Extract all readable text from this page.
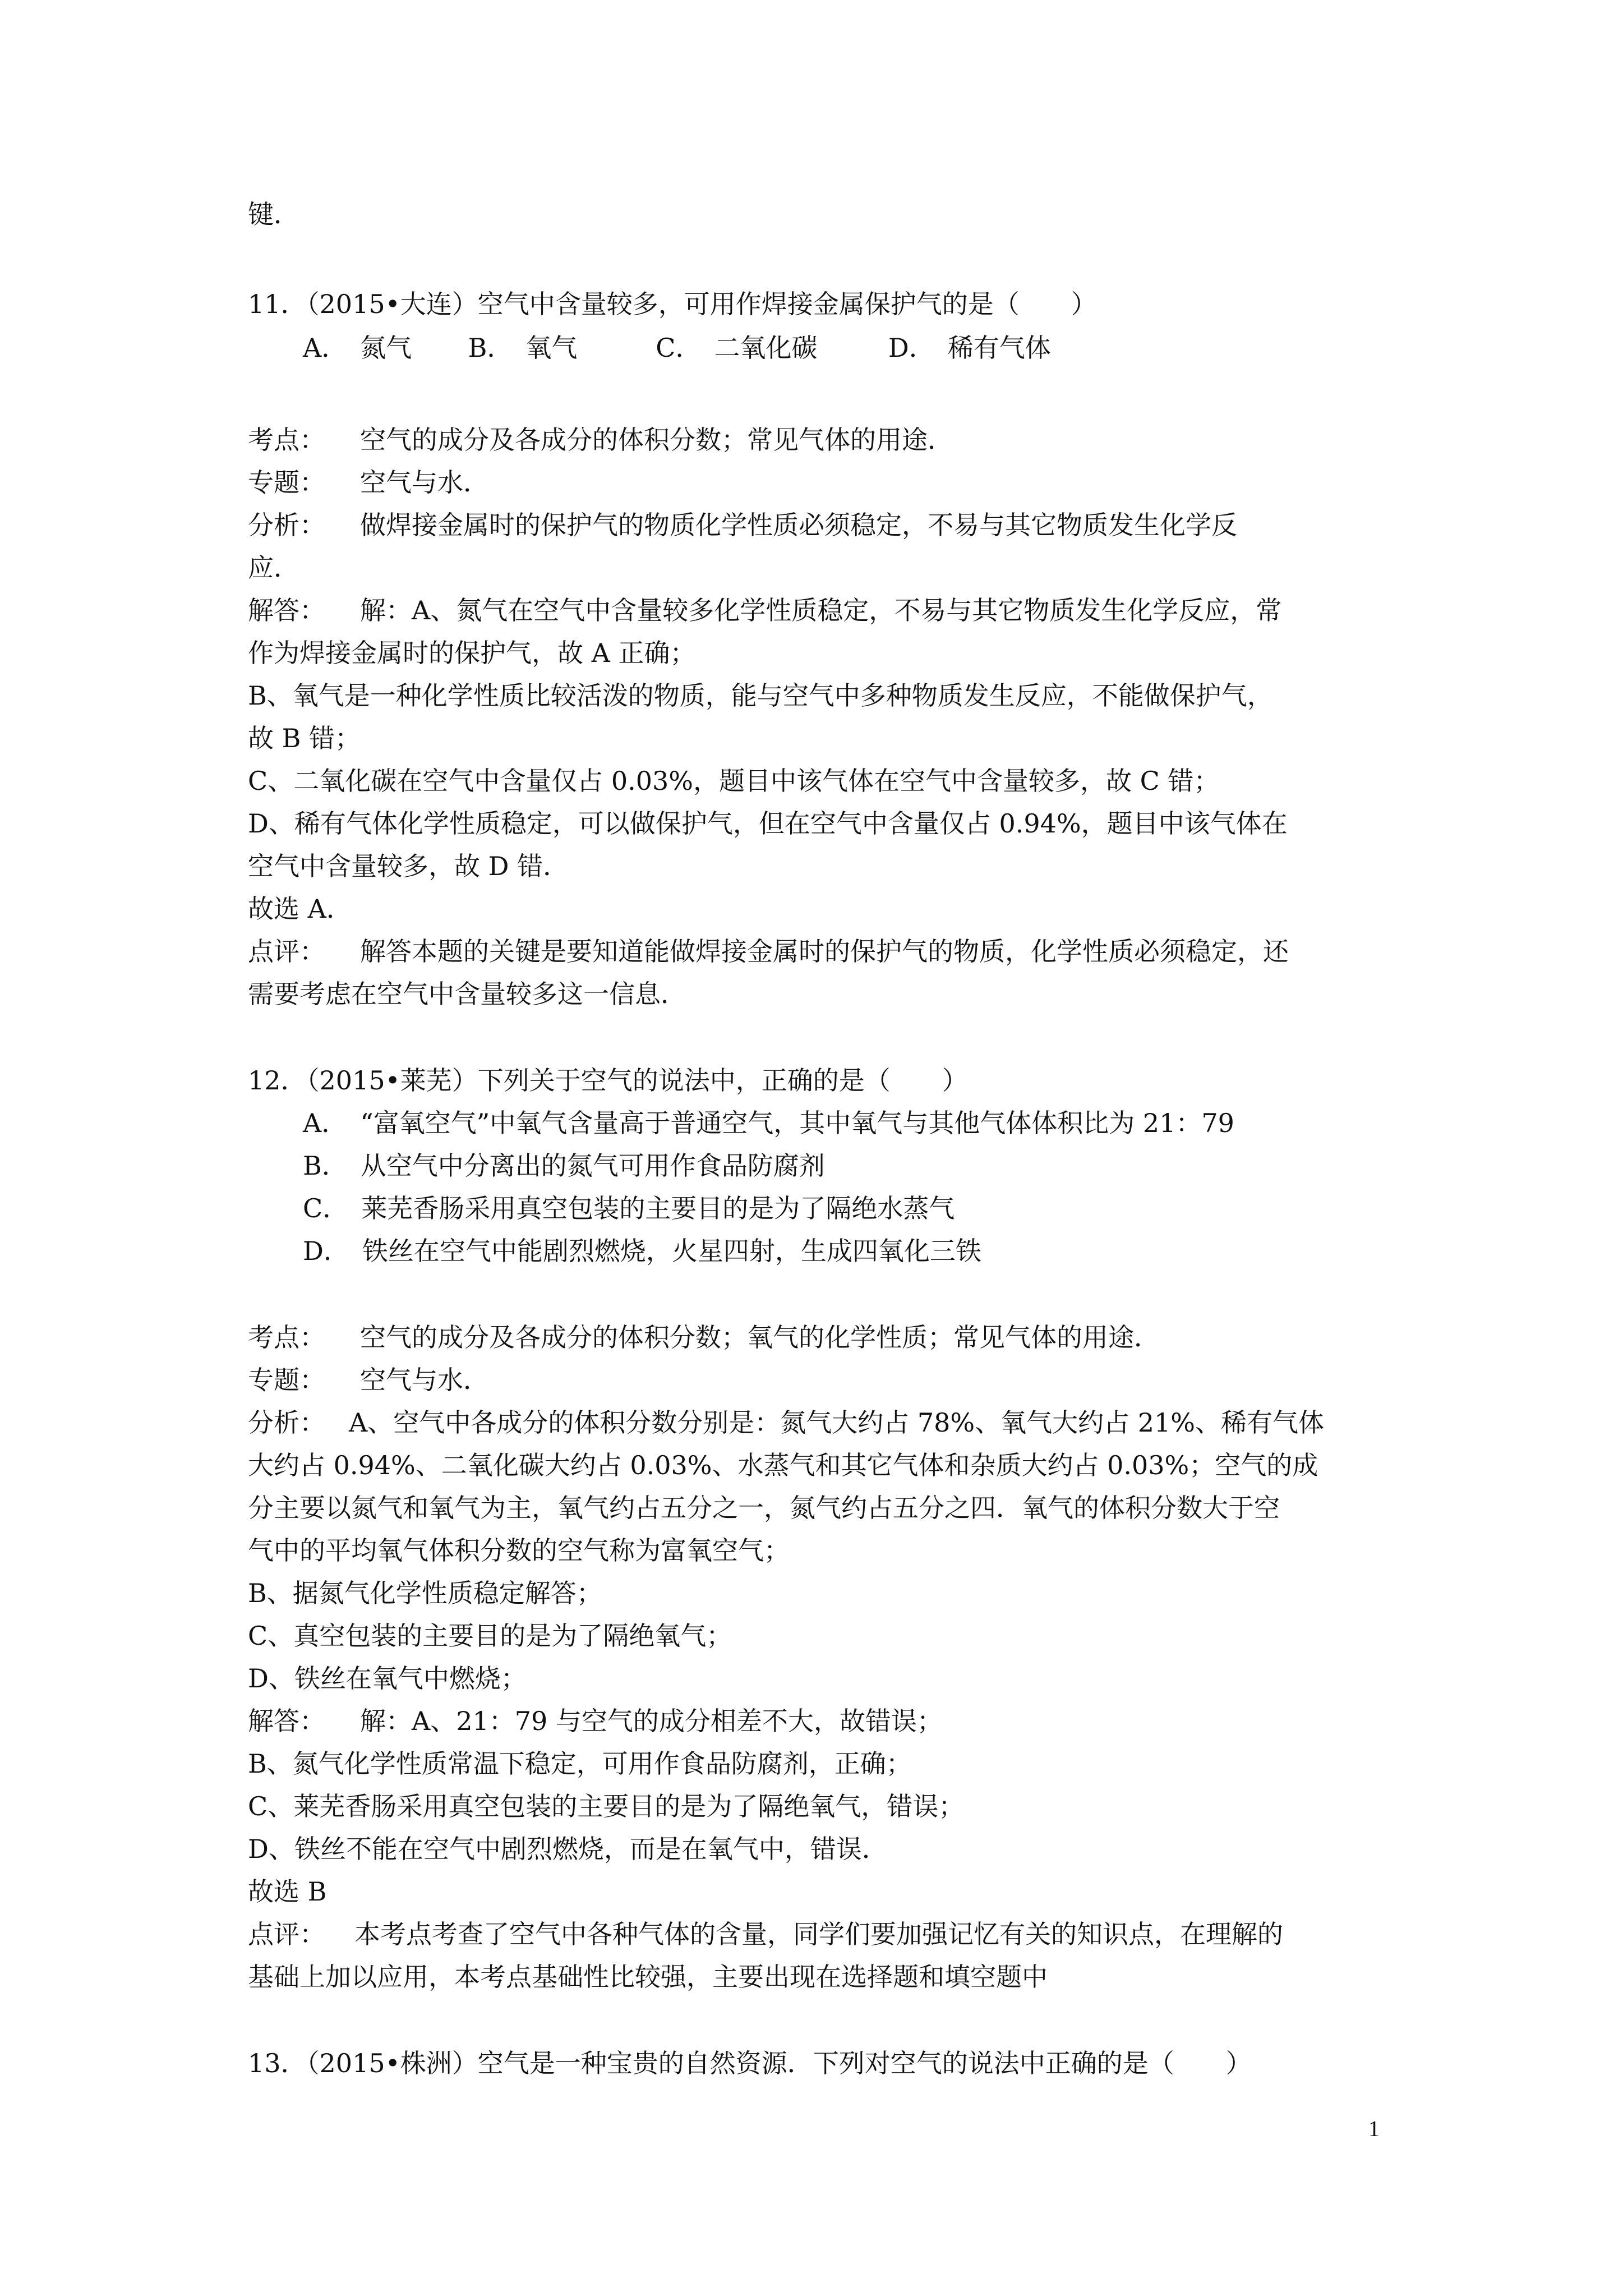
键．
11．（2015•大连）空气中含量较多，可用作焊接金属保护气的是（　　）
A．　氮气 B．　氧气	C．　二氧化碳	D．　稀有气体
考点： 空气的成分及各成分的体积分数；常见气体的用途．
专题： 空气与水．
分析： 做焊接金属时的保护气的物质化学性质必须稳定，不易与其它物质发生化学反
应．
解答： 解：A、氮气在空气中含量较多化学性质稳定，不易与其它物质发生化学反应，常
作为焊接金属时的保护气，故 A 正确；
B、氧气是一种化学性质比较活泼的物质，能与空气中多种物质发生反应，不能做保护气，
故 B 错；
C、二氧化碳在空气中含量仅占 0.03%，题目中该气体在空气中含量较多，故 C 错；
D、稀有气体化学性质稳定，可以做保护气，但在空气中含量仅占 0.94%，题目中该气体在
空气中含量较多，故 D 错．
故选 A．
点评： 解答本题的关键是要知道能做焊接金属时的保护气的物质，化学性质必须稳定，还
需要考虑在空气中含量较多这一信息．
12．（2015•莱芜）下列关于空气的说法中，正确的是（　　）
A．　“富氧空气”中氧气含量高于普通空气，其中氧气与其他气体体积比为 21：79
B．　从空气中分离出的氮气可用作食品防腐剂
C．　莱芜香肠采用真空包装的主要目的是为了隔绝水蒸气
D．　铁丝在空气中能剧烈燃烧，火星四射，生成四氧化三铁
考点： 空气的成分及各成分的体积分数；氧气的化学性质；常见气体的用途．
专题： 空气与水．
分析： A、空气中各成分的体积分数分别是：氮气大约占 78%、氧气大约占 21%、稀有气体
大约占 0.94%、二氧化碳大约占 0.03%、水蒸气和其它气体和杂质大约占 0.03%；空气的成
分主要以氮气和氧气为主，氧气约占五分之一，氮气约占五分之四．氧气的体积分数大于空
气中的平均氧气体积分数的空气称为富氧空气；
B、据氮气化学性质稳定解答；
C、真空包装的主要目的是为了隔绝氧气；
D、铁丝在氧气中燃烧；
解答： 解：A、21：79 与空气的成分相差不大，故错误；
B、氮气化学性质常温下稳定，可用作食品防腐剂，正确；
C、莱芜香肠采用真空包装的主要目的是为了隔绝氧气，错误；
D、铁丝不能在空气中剧烈燃烧，而是在氧气中，错误．
故选 B
点评： 本考点考查了空气中各种气体的含量，同学们要加强记忆有关的知识点，在理解的
基础上加以应用，本考点基础性比较强，主要出现在选择题和填空题中
13．（2015•株洲）空气是一种宝贵的自然资源．下列对空气的说法中正确的是（　　）
1
